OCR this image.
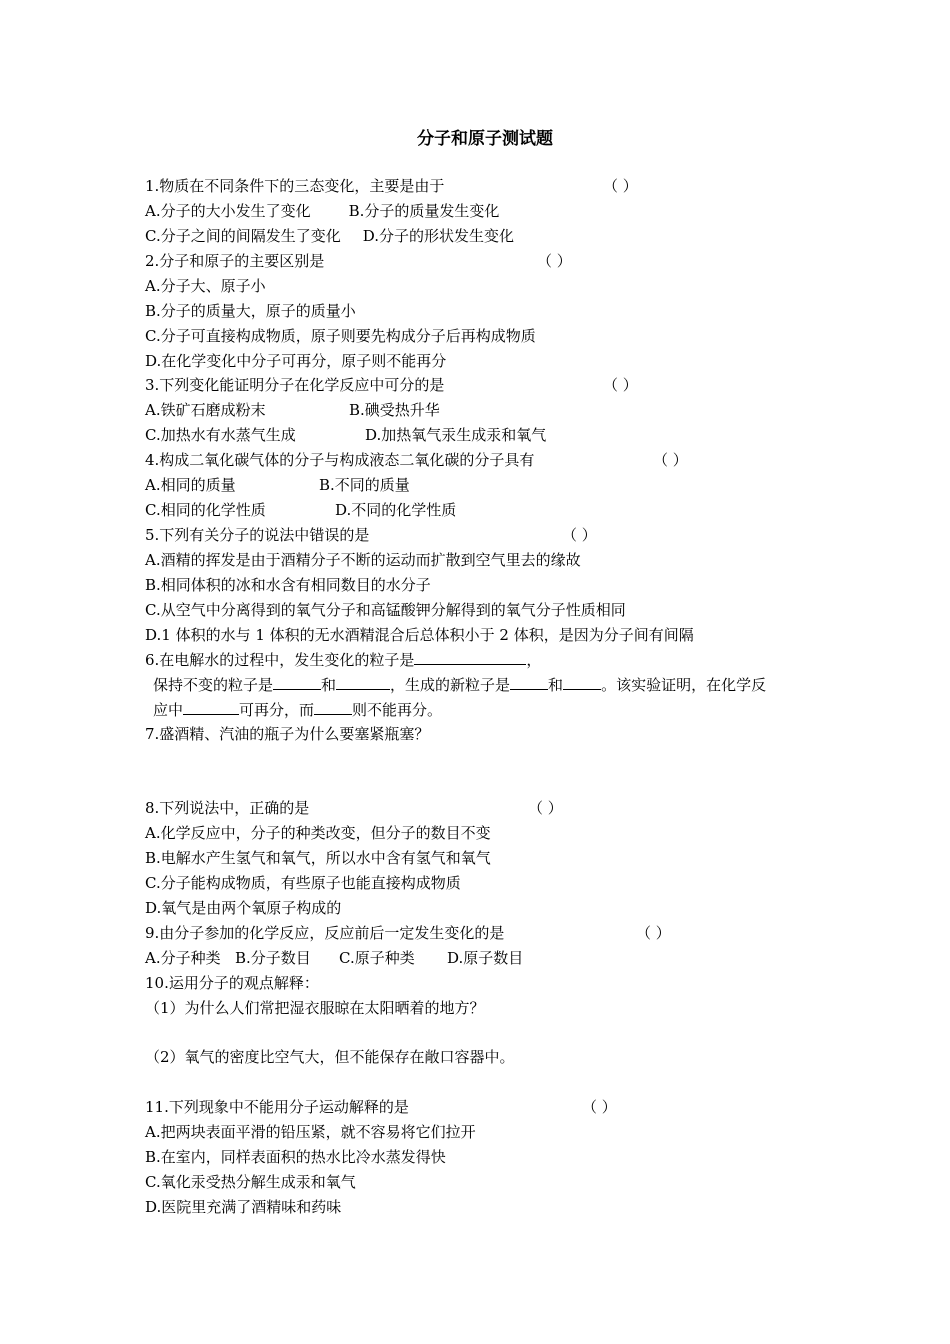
分子和原子测试题
1.物质在不同条件下的三态变化，主要是由于	（ ）
A.分子的大小发生了变化	B.分子的质量发生变化
C.分子之间的间隔发生了变化 D.分子的形状发生变化
2.分子和原子的主要区别是	（ ）
A.分子大、原子小
B.分子的质量大，原子的质量小
C.分子可直接构成物质，原子则要先构成分子后再构成物质
D.在化学变化中分子可再分，原子则不能再分
3.下列变化能证明分子在化学反应中可分的是	（ ）
A.铁矿石磨成粉末	B.碘受热升华
C.加热水有水蒸气生成	D.加热氧气汞生成汞和氧气
4.构成二氧化碳气体的分子与构成液态二氧化碳的分子具有	（ ）
A.相同的质量	B.不同的质量
C.相同的化学性质	D.不同的化学性质
5.下列有关分子的说法中错误的是	（ ）
A.酒精的挥发是由于酒精分子不断的运动而扩散到空气里去的缘故
B.相同体积的冰和水含有相同数目的水分子
C.从空气中分离得到的氧气分子和高锰酸钾分解得到的氧气分子性质相同
D.1 体积的水与 1 体积的无水酒精混合后总体积小于 2 体积，是因为分子间有间隔
6.在电解水的过程中，发生变化的粒子是	，
保持不变的粒子是	和	，生成的新粒子是	和	。该实验证明，在化学反
应中	可再分，而	则不能再分。
7.盛酒精、汽油的瓶子为什么要塞紧瓶塞？
8.下列说法中，正确的是	（ ）
A.化学反应中，分子的种类改变，但分子的数目不变
B.电解水产生氢气和氧气，所以水中含有氢气和氧气
C.分子能构成物质，有些原子也能直接构成物质
D.氧气是由两个氧原子构成的
9.由分子参加的化学反应，反应前后一定发生变化的是	（ ）
A.分子种类 B.分子数目 C.原子种类 D.原子数目
10.运用分子的观点解释：
（1）为什么人们常把湿衣服晾在太阳晒着的地方？
（2）氧气的密度比空气大，但不能保存在敞口容器中。
11.下列现象中不能用分子运动解释的是	（ ）
A.把两块表面平滑的铅压紧，就不容易将它们拉开
B.在室内，同样表面积的热水比冷水蒸发得快
C.氧化汞受热分解生成汞和氧气
D.医院里充满了酒精味和药味
